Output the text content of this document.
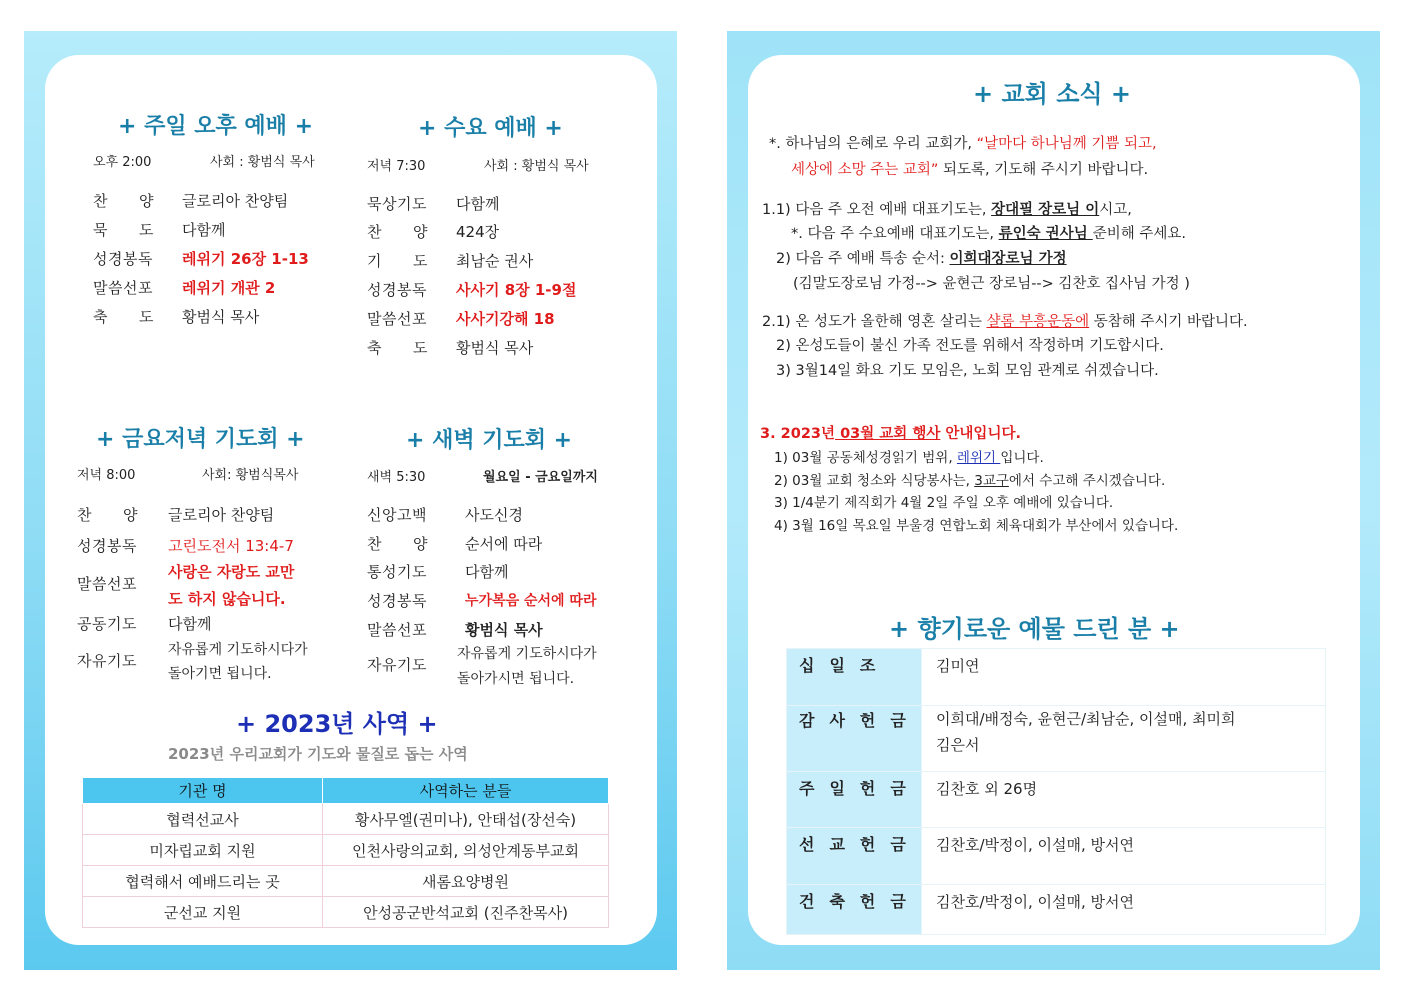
+ 주일 오후 예배 +
오후 2:00	사회 : 황범식 목사
찬　　양 글로리아 찬양팀
묵　　도 다함께
성경봉독 레위기 26장 1-13
말씀선포 레위기 개관 2
축　　도 황범식 목사
+ 수요 예배 +
저녁 7:30	사회 : 황범식 목사
묵상기도 다함께
찬　　양 424장
기　　도 최남순 권사
성경봉독 사사기 8장 1-9절
말씀선포 사사기강해 18
축　　도 황범식 목사
+ 금요저녁 기도회 +
저녁 8:00	사회: 황범식목사
찬　　양 글로리아 찬양팀
성경봉독 고린도전서 13:4-7
말씀선포
사랑은 자랑도 교만
도 하지 않습니다.
공동기도 다함께
자유기도
자유롭게 기도하시다가
돌아기면 됩니다.
+ 새벽 기도회 +
새벽 5:30	월요일 - 금요일까지
신앙고백	사도신경
찬　　양 순서에 따라
통성기도	다함께
성경봉독	누가복음 순서에 따라
말씀선포	황범식 목사
자유기도
자유롭게 기도하시다가
돌아가시면 됩니다.
+ 2023년 사역 +
2023년 우리교회가 기도와 물질로 돕는 사역
기관 명	사역하는 분들
협력선교사	황사무엘(권미나), 안태섭(장선숙)
미자립교회 지원	인천사랑의교회, 의성안계동부교회
협력해서 예배드리는 곳	새롬요양병원
군선교 지원	안성공군반석교회 (진주찬목사)
+ 교회 소식 +
*. 하나님의 은혜로 우리 교회가, “날마다 하나님께 기쁨 되고,
세상에 소망 주는 교회” 되도록, 기도해 주시기 바랍니다.
1.1) 다음 주 오전 예배 대표기도는, 장대필 장로님 이시고,
*. 다음 주 수요예배 대표기도는, 류인숙 권사님 준비해 주세요.
2) 다음 주 예배 특송 순서: 이희대장로님 가정
(김말도장로님 가정--> 윤현근 장로님--> 김찬호 집사님 가정 )
2.1) 온 성도가 올한해 영혼 살리는 샬롬 부흥운동에 동참해 주시기 바랍니다.
2) 온성도들이 불신 가족 전도를 위해서 작정하며 기도합시다.
3) 3월14일 화요 기도 모임은, 노회 모임 관계로 쉬겠습니다.
3. 2023년 03월 교회 행사 안내입니다.
1) 03월 공동체성경읽기 범위, 레위기 입니다.
2) 03월 교회 청소와 식당봉사는, 3교구에서 수고해 주시겠습니다.
3) 1/4분기 제직회가 4월 2일 주일 오후 예배에 있습니다.
4) 3월 16일 목요일 부울경 연합노회 체육대회가 부산에서 있습니다.
+ 향기로운 예물 드린 분 +
십일조	김미연

감사헌금	이희대/배정숙, 윤현근/최남순, 이설매, 최미희
김은서

주일헌금	김찬호 외 26명

선교헌금	김찬호/박정이, 이설매, 방서연

건축헌금	김찬호/박정이, 이설매, 방서연
